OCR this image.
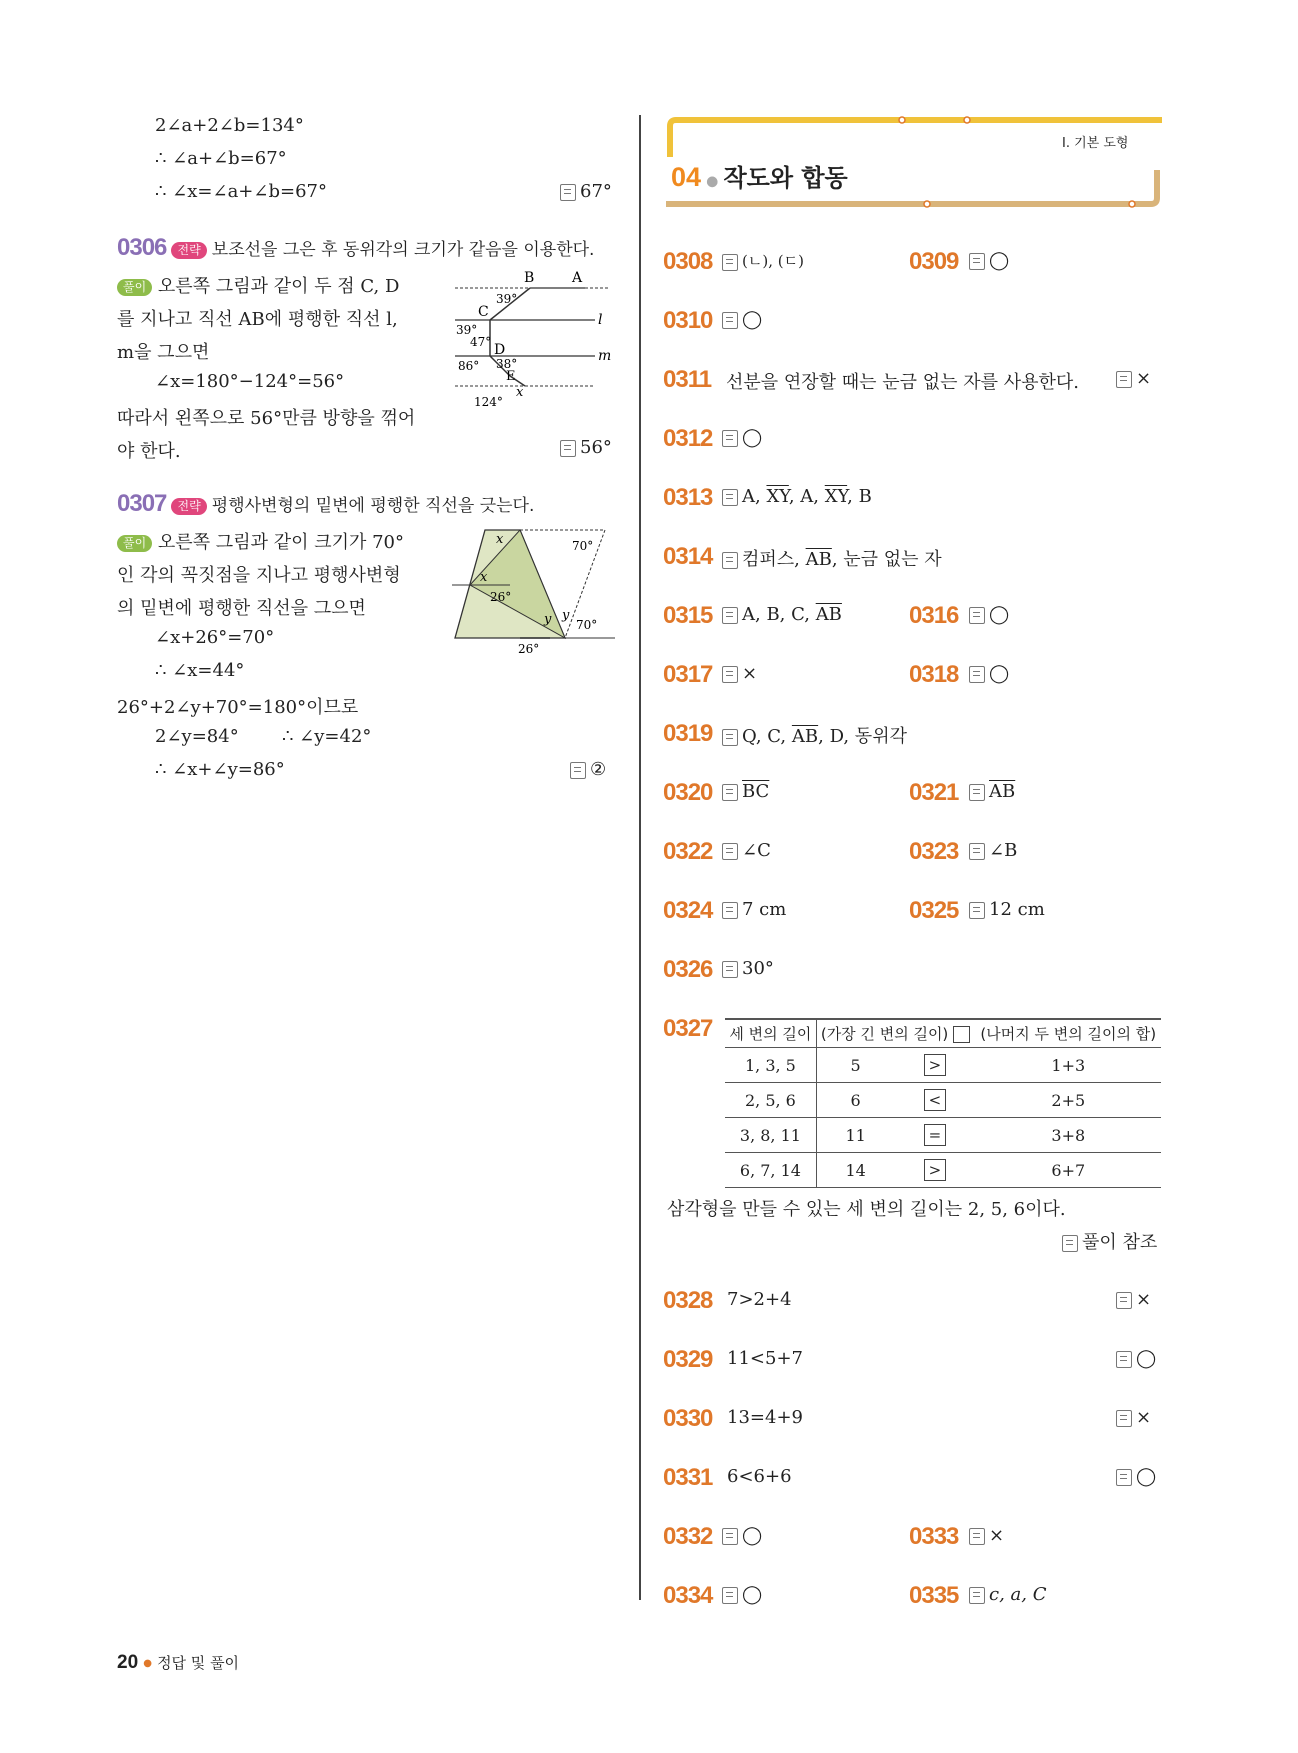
2∠a+2∠b=134°
∴ ∠a+∠b=67°
∴ ∠x=∠a+∠b=67°	67°
0306 전략 보조선을 그은 후 동위각의 크기가 같음을 이용한다.
풀이 오른쪽 그림과 같이 두 점 C, D
를 지나고 직선 AB에 평행한 직선 l,
m을 그으면
∠x=180°−124°=56°
따라서 왼쪽으로 56°만큼 방향을 꺾어
야 한다.	56°
B	A
C
D
E
l
m
39°
39°
47°
86° 38°
124°
x
0307 전략 평행사변형의 밑변에 평행한 직선을 긋는다.
풀이 오른쪽 그림과 같이 크기가 70°
인 각의 꼭짓점을 지나고 평행사변형
의 밑변에 평행한 직선을 그으면
∠x+26°=70°
∴ ∠x=44°
26°+2∠y+70°=180°이므로
2∠y=84° ∴ ∠y=42°
∴ ∠x+∠y=86°	②
x
x
70°
26°
y y
70°
26°
I. 기본 도형
04 ● 작도와 합동
0308	(ㄴ), (ㄷ)	0309	◯
0310	◯
0311 선분을 연장할 때는 눈금 없는 자를 사용한다.	×
0312	◯
0313	A, $\overline{XY}$, A, $\overline{XY}$, B
0314	컴퍼스, $\overline{AB}$, 눈금 없는 자
0315	A, B, C, $\overline{AB}$	0316	◯
0317	×	0318	◯
0319	Q, C, $\overline{AB}$, D, 동위각
0320	$\overline{BC}$	0321	$\overline{AB}$
0322	∠C	0323	∠B
0324	7 cm	0325	12 cm
0326	30°
0327 세 변의 길이	(가장 긴 변의 길이)		(나머지 두 변의 길이의 합)
1, 3, 5	5	>	1+3
2, 5, 6	6	<	2+5
3, 8, 11	11	=	3+8
6, 7, 14	14	>	6+7
삼각형을 만들 수 있는 세 변의 길이는 2, 5, 6이다.
풀이 참조
0328 7>2+4	×
0329 11<5+7	◯
0330 13=4+9	×
0331 6<6+6	◯
0332	◯	0333	×
0334	◯	0335	c, a, C
20 ● 정답 및 풀이
